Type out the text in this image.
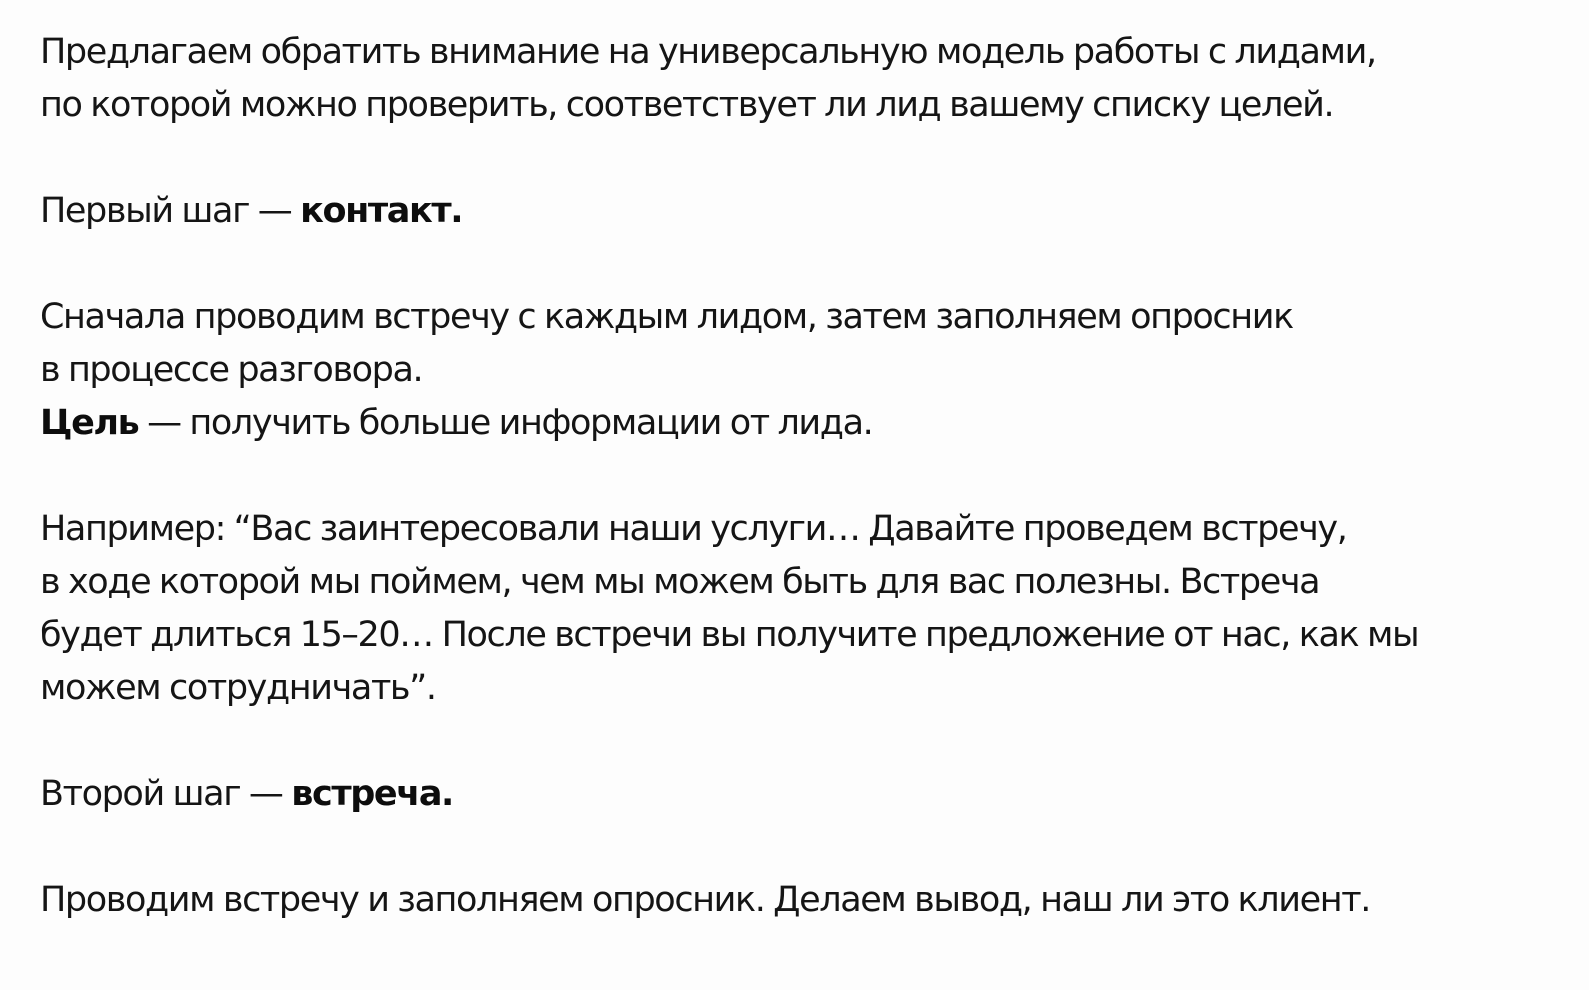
Предлагаем обратить внимание на универсальную модель работы с лидами,
по которой можно проверить, соответствует ли лид вашему списку целей.

Первый шаг — контакт.

Сначала проводим встречу с каждым лидом, затем заполняем опросник
в процессе разговора.
Цель — получить больше информации от лида.

Например: “Вас заинтересовали наши услуги… Давайте проведем встречу,
в ходе которой мы поймем, чем мы можем быть для вас полезны. Встреча
будет длиться 15–20… После встречи вы получите предложение от нас, как мы
можем сотрудничать”.

Второй шаг — встреча.

Проводим встречу и заполняем опросник. Делаем вывод, наш ли это клиент.
